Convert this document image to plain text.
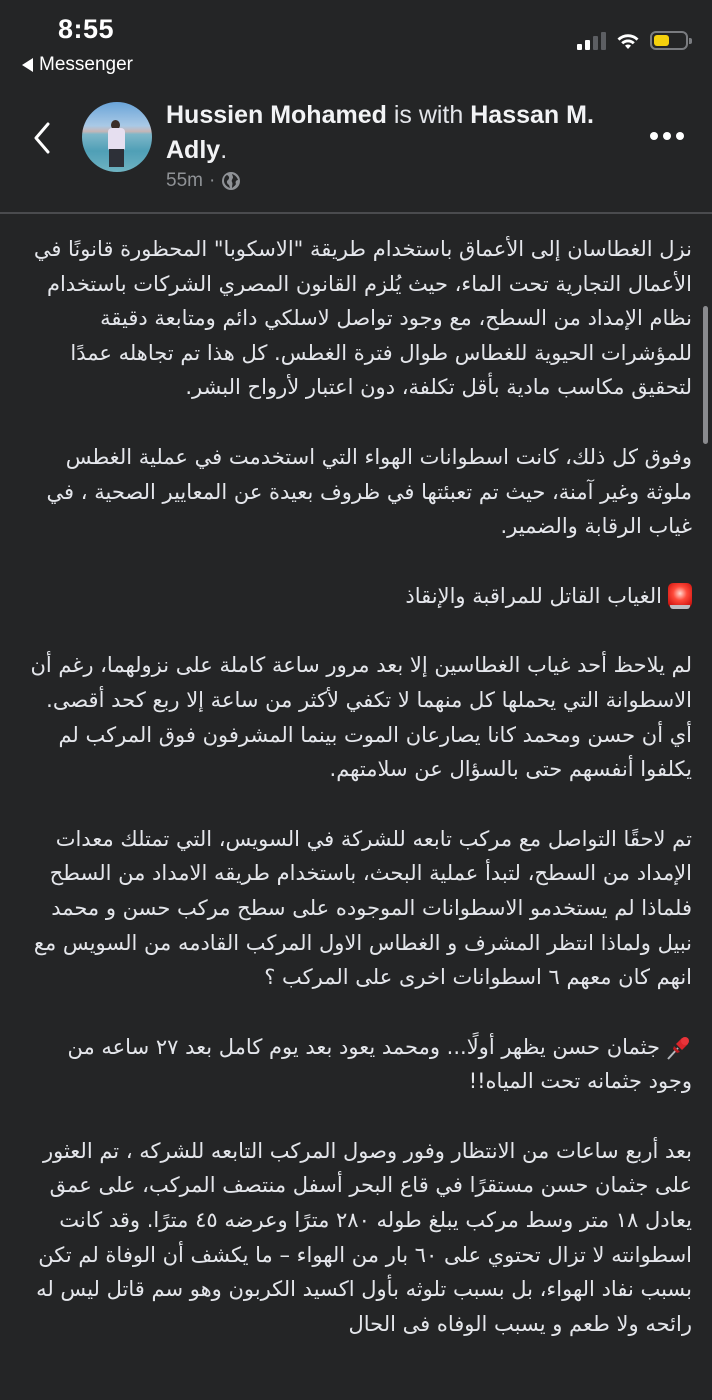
8:55
Messenger
Hussien Mohamed is with Hassan M. Adly.
55m ·

نزل الغطاسان إلى الأعماق باستخدام طريقة "الاسكوبا" المحظورة قانونًا في الأعمال التجارية تحت الماء، حيث يُلزم القانون المصري الشركات باستخدام نظام الإمداد من السطح، مع وجود تواصل لاسلكي دائم ومتابعة دقيقة للمؤشرات الحيوية للغطاس طوال فترة الغطس. كل هذا تم تجاهله عمدًا لتحقيق مكاسب مادية بأقل تكلفة، دون اعتبار لأرواح البشر.

وفوق كل ذلك، كانت اسطوانات الهواء التي استخدمت في عملية الغطس ملوثة وغير آمنة، حيث تم تعبئتها في ظروف بعيدة عن المعايير الصحية ، في غياب الرقابة والضمير.

الغياب القاتل للمراقبة والإنقاذ

لم يلاحظ أحد غياب الغطاسين إلا بعد مرور ساعة كاملة على نزولهما، رغم أن الاسطوانة التي يحملها كل منهما لا تكفي لأكثر من ساعة إلا ربع كحد أقصى. أي أن حسن ومحمد كانا يصارعان الموت بينما المشرفون فوق المركب لم يكلفوا أنفسهم حتى بالسؤال عن سلامتهم.

تم لاحقًا التواصل مع مركب تابعه للشركة في السويس، التي تمتلك معدات الإمداد من السطح، لتبدأ عملية البحث، باستخدام طريقه الامداد من السطح فلماذا لم يستخدمو الاسطوانات الموجوده على سطح مركب حسن و محمد نبيل ولماذا انتظر المشرف و الغطاس الاول المركب القادمه من السويس مع انهم كان معهم ٦ اسطوانات اخرى على المركب ؟

جثمان حسن يظهر أولًا... ومحمد يعود بعد يوم كامل بعد ٢٧ ساعه من وجود جثمانه تحت المياه!!

بعد أربع ساعات من الانتظار وفور وصول المركب التابعه للشركه ، تم العثور على جثمان حسن مستقرًا في قاع البحر أسفل منتصف المركب، على عمق يعادل ١٨ متر وسط مركب يبلغ طوله ٢٨٠ مترًا وعرضه ٤٥ مترًا. وقد كانت اسطوانته لا تزال تحتوي على ٦٠ بار من الهواء – ما يكشف أن الوفاة لم تكن بسبب نفاد الهواء، بل بسبب تلوثه بأول اكسيد الكربون وهو سم قاتل ليس له رائحه ولا طعم و يسبب الوفاه فى الحال
